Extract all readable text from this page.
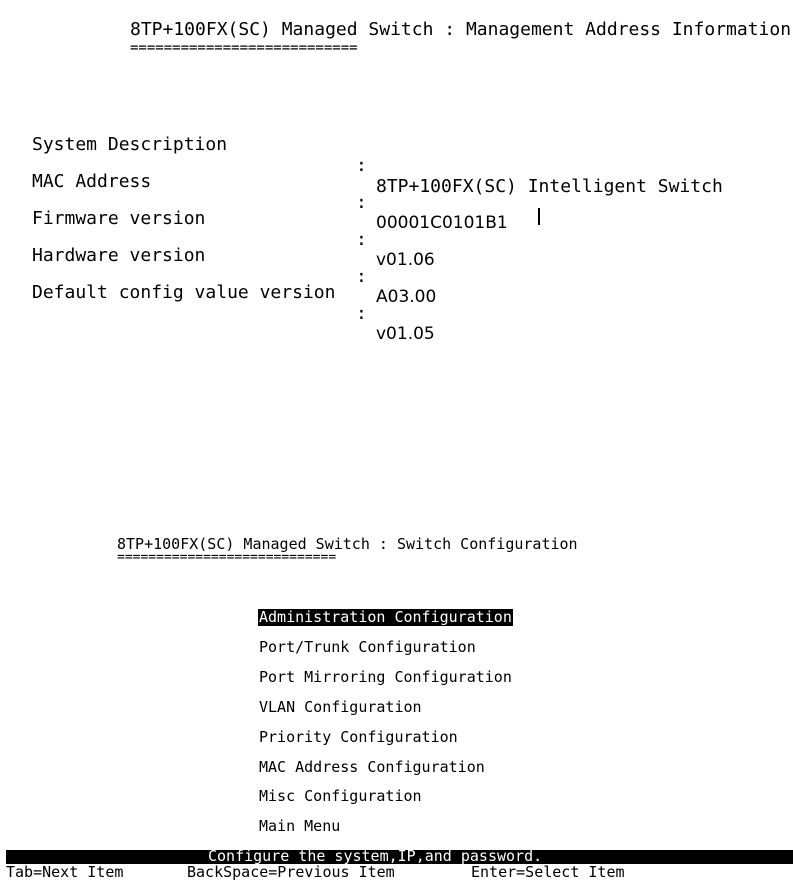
8TP+100FX(SC) Managed Switch : Management Address Information
===========================

System Description

:

8TP+100FX(SC) Intelligent Switch

MAC Address

:

00001C0101B1

Firmware version

:

v01.06

Hardware version

:

A03.00

Default config value version

:

v01.05

8TP+100FX(SC) Managed Switch : Switch Configuration
============================
Administration Configuration
Port/Trunk Configuration
Port Mirroring Configuration
VLAN Configuration
Priority Configuration
MAC Address Configuration
Misc Configuration
Main Menu
Configure the system,IP,and password.
Tab=Next Item	BackSpace=Previous Item	Enter=Select Item
